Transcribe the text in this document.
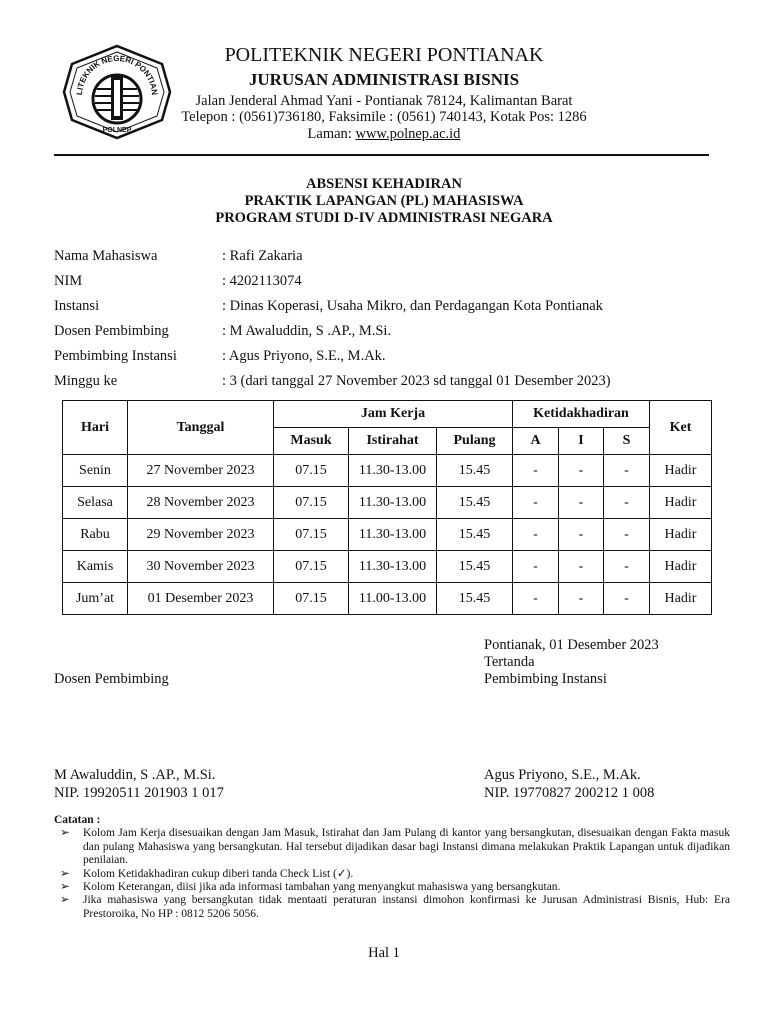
LITEKNIK NEGERI PONTIAN
POLNEP
POLITEKNIK NEGERI PONTIANAK
JURUSAN ADMINISTRASI BISNIS
Jalan Jenderal Ahmad Yani - Pontianak 78124, Kalimantan Barat
Telepon : (0561)736180, Faksimile : (0561) 740143, Kotak Pos: 1286
Laman: www.polnep.ac.id
ABSENSI KEHADIRAN
PRAKTIK LAPANGAN (PL) MAHASISWA
PROGRAM STUDI D-IV ADMINISTRASI NEGARA
Nama Mahasiswa	: Rafi Zakaria
NIM	: 4202113074
Instansi	: Dinas Koperasi, Usaha Mikro, dan Perdagangan Kota Pontianak
Dosen Pembimbing	: M Awaluddin, S .AP., M.Si.
Pembimbing Instansi	: Agus Priyono, S.E., M.Ak.
Minggu ke	: 3 (dari tanggal 27 November 2023 sd tanggal 01 Desember 2023)
Hari	Tanggal	Jam Kerja			Ketidakhadiran			Ket
		Masuk	Istirahat	Pulang	A	I	S	
Senin	27 November 2023	07.15	11.30-13.00	15.45	-	-	-	Hadir
Selasa	28 November 2023	07.15	11.30-13.00	15.45	-	-	-	Hadir
Rabu	29 November 2023	07.15	11.30-13.00	15.45	-	-	-	Hadir
Kamis	30 November 2023	07.15	11.30-13.00	15.45	-	-	-	Hadir
Jum’at	01 Desember 2023	07.15	11.00-13.00	15.45	-	-	-	Hadir
Pontianak, 01 Desember 2023
Tertanda
Dosen Pembimbing	Pembimbing Instansi
M Awaluddin, S .AP., M.Si.
NIP. 19920511 201903 1 017
Agus Priyono, S.E., M.Ak.
NIP. 19770827 200212 1 008
Catatan :
➢ Kolom Jam Kerja disesuaikan dengan Jam Masuk, Istirahat dan Jam Pulang di kantor yang bersangkutan, disesuaikan dengan Fakta masuk dan pulang Mahasiswa yang bersangkutan. Hal tersebut dijadikan dasar bagi Instansi dimana melakukan Praktik Lapangan untuk dijadikan penilaian.
➢ Kolom Ketidakhadiran cukup diberi tanda Check List (✓).
➢ Kolom Keterangan, diisi jika ada informasi tambahan yang menyangkut mahasiswa yang bersangkutan.
➢ Jika mahasiswa yang bersangkutan tidak mentaati peraturan instansi dimohon konfirmasi ke Jurusan Administrasi Bisnis, Hub: Era Prestoroika, No HP : 0812 5206 5056.
Hal 1
